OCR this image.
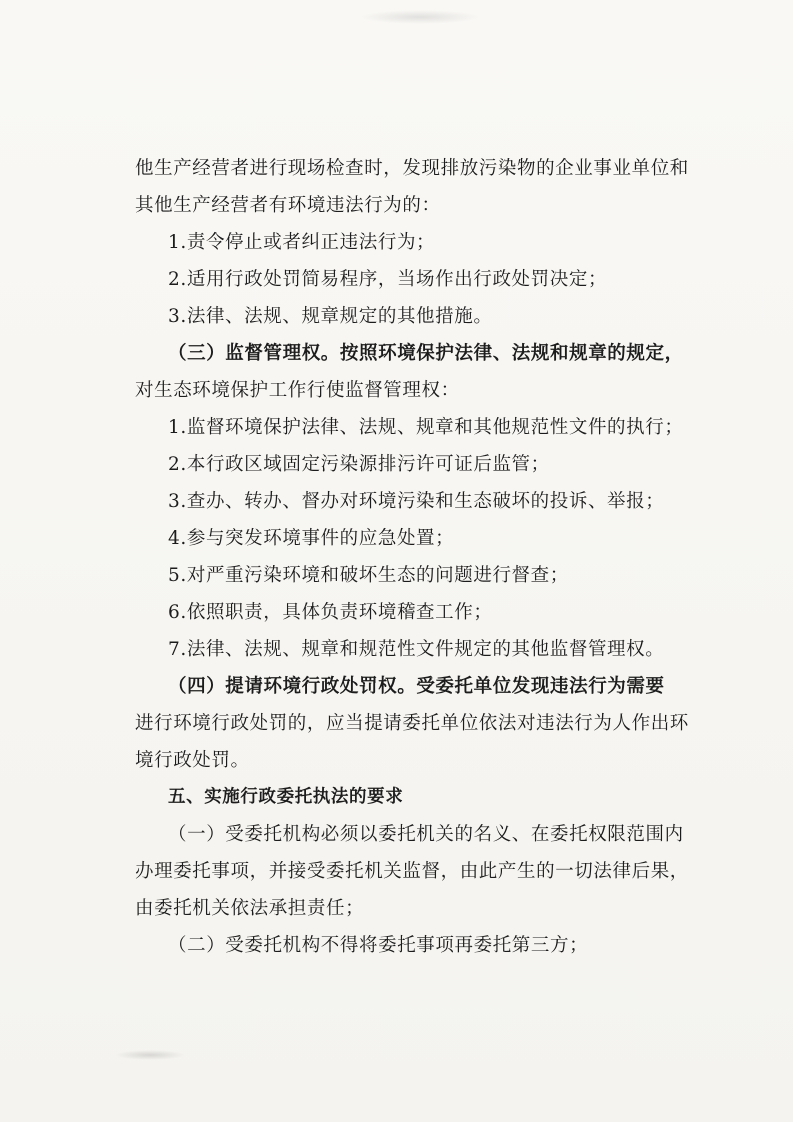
他生产经营者进行现场检查时，发现排放污染物的企业事业单位和
其他生产经营者有环境违法行为的：
1.责令停止或者纠正违法行为；
2.适用行政处罚简易程序，当场作出行政处罚决定；
3.法律、法规、规章规定的其他措施。
（三）监督管理权。按照环境保护法律、法规和规章的规定，
对生态环境保护工作行使监督管理权：
1.监督环境保护法律、法规、规章和其他规范性文件的执行；
2.本行政区域固定污染源排污许可证后监管；
3.查办、转办、督办对环境污染和生态破坏的投诉、举报；
4.参与突发环境事件的应急处置；
5.对严重污染环境和破坏生态的问题进行督查；
6.依照职责，具体负责环境稽查工作；
7.法律、法规、规章和规范性文件规定的其他监督管理权。
（四）提请环境行政处罚权。受委托单位发现违法行为需要
进行环境行政处罚的，应当提请委托单位依法对违法行为人作出环
境行政处罚。
五、实施行政委托执法的要求
（一）受委托机构必须以委托机关的名义、在委托权限范围内
办理委托事项，并接受委托机关监督，由此产生的一切法律后果，
由委托机关依法承担责任；
（二）受委托机构不得将委托事项再委托第三方；
